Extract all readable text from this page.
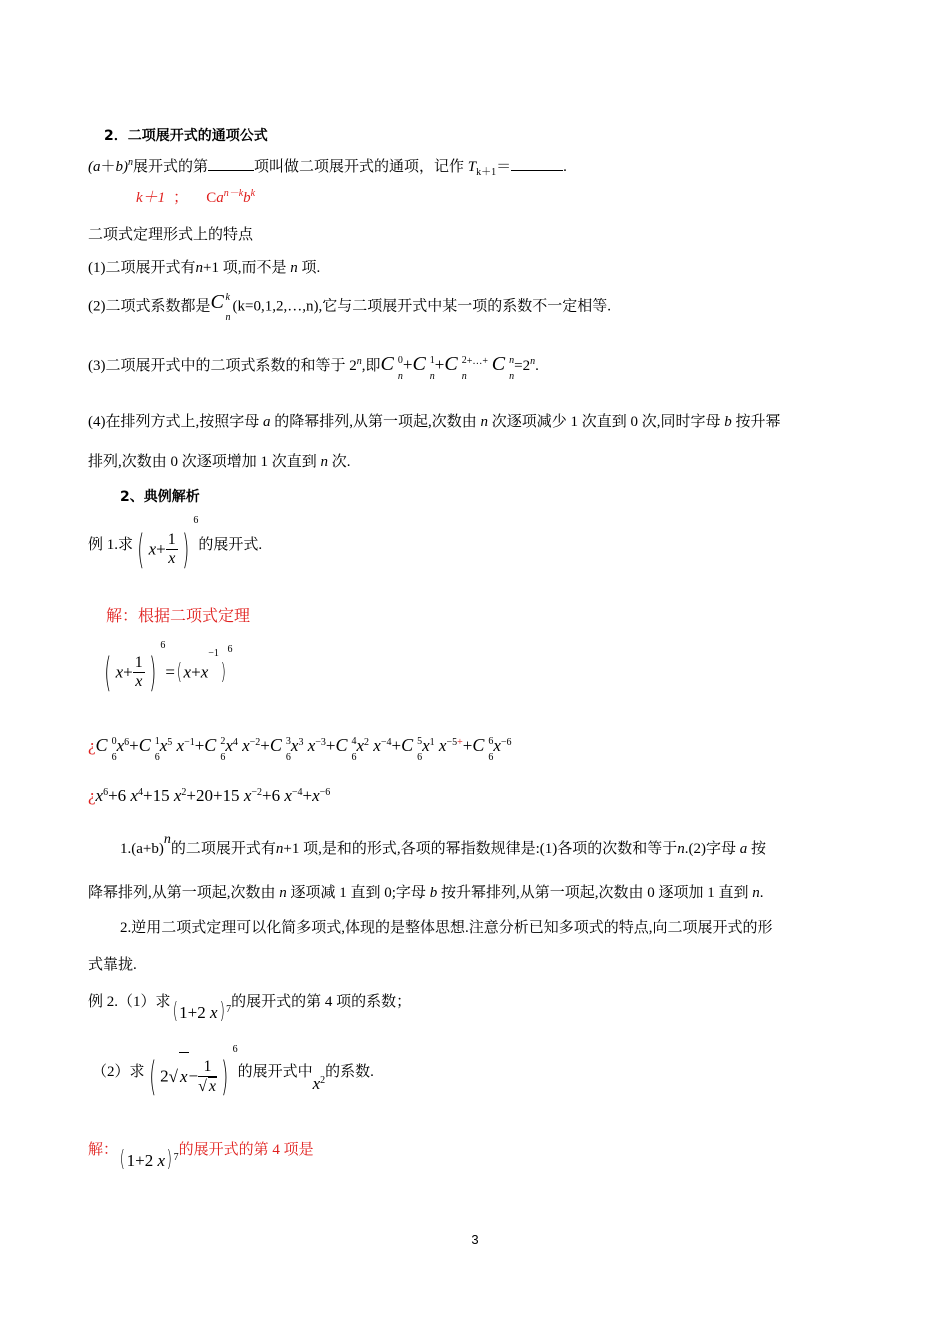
2．二项展开式的通项公式
$(a+b)^n$展开式的第	项叫做二项展开式的通项，记作 $T_{k+1}=$	.
k＋1 ； $Ca^{n-k}b^k$
二项式定理形式上的特点
(1)二项展开式有n+1 项,而不是 n 项.
(2)二项式系数都是 C k
n
(k=0,1,2,…,n),它与二项展开式中某一项的系数不一定相等.
(3)二项展开式中的二项式系数的和等于 2$^n$,即C 0
n
+C 1
n
+C 2
n
+…+ C n
n
$=2^n$.
(4)在排列方式上,按照字母 a 的降幂排列,从第一项起,次数由 n 次逐项减少 1 次直到 0 次,同时字母 b 按升幂
排列,次数由 0 次逐项增加 1 次直到 n 次.
2、典例解析
例 1.求 ( $x+ \frac{1}{x} )^6$的展开式.
解：根据二项式定理
( $x+ \frac{1}{x} )^6=$( $x+x^{-1})^6$
¿C 0
6
$x^6+C$ 1
6
$x^5$ $x^{-1}+C$ 2
6
$x^4$ $x^{-2}+C$ 3
6
$x^3$ $x^{-3}+C$ 4
6
$x^2$ $x^{-4}+C$ 5
6
$x^1$ $x^{-5+}+C$ 6
6
$x^{-6}$
¿$x^6+6$ $x^4+15$ $x^2+20+15$ $x^{-2}+6$ $x^{-4}+x^{-6}$
$1.(a+b)^n$的二项展开式有n+1 项,是和的形式,各项的幂指数规律是:(1)各项的次数和等于n.(2)字母 a 按
降幂排列,从第一项起,次数由 n 逐项减 1 直到 0;字母 b 按升幂排列,从第一项起,次数由 0 逐项加 1 直到 n.
2.逆用二项式定理可以化简多项式,体现的是整体思想.注意分析已知多项式的特点,向二项展开式的形
式靠拢.
例 2.（1）求( 1+2 x) $^7$的展开式的第 4 项的系数；
（2）求 ( 2√ $x- \frac{1}{√ x} )^6$的展开式中$x^2$的系数.
解：( 1+2 x) $^7$的展开式的第 4 项是
3
